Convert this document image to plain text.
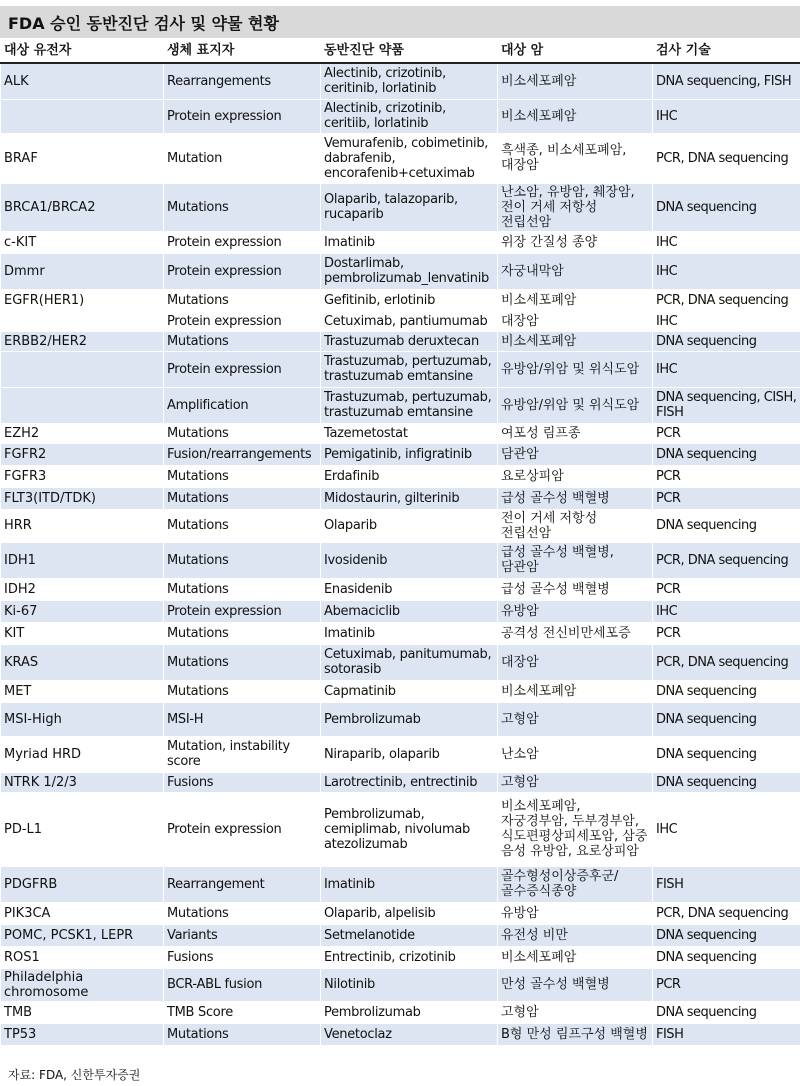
FDA 승인 동반진단 검사 및 약물 현황
대상 유전자	생체 표지자	동반진단 약품	대상 암	검사 기술
ALK	Rearrangements	Alectinib, crizotinib, ceritinib, lorlatinib	비소세포폐암	DNA sequencing, FISH
	Protein expression	Alectinib, crizotinib, ceritiib, lorlatinib	비소세포폐암	IHC
BRAF	Mutation	Vemurafenib, cobimetinib, dabrafenib, encorafenib+cetuximab	흑색종, 비소세포폐암, 대장암	PCR, DNA sequencing
BRCA1/BRCA2	Mutations	Olaparib, talazoparib, rucaparib	난소암, 유방암, 췌장암, 전이 거세 저항성 전립선암	DNA sequencing
c-KIT	Protein expression	Imatinib	위장 간질성 종양	IHC
Dmmr	Protein expression	Dostarlimab, pembrolizumab_lenvatinib	자궁내막암	IHC
EGFR(HER1)	Mutations	Gefitinib, erlotinib	비소세포폐암	PCR, DNA sequencing
	Protein expression	Cetuximab, pantiumumab	대장암	IHC
ERBB2/HER2	Mutations	Trastuzumab deruxtecan	비소세포폐암	DNA sequencing
	Protein expression	Trastuzumab, pertuzumab, trastuzumab emtansine	유방암/위암 및 위식도암	IHC
	Amplification	Trastuzumab, pertuzumab, trastuzumab emtansine	유방암/위암 및 위식도암	DNA sequencing, CISH, FISH
EZH2	Mutations	Tazemetostat	여포성 림프종	PCR
FGFR2	Fusion/rearrangements	Pemigatinib, infigratinib	담관암	DNA sequencing
FGFR3	Mutations	Erdafinib	요로상피암	PCR
FLT3(ITD/TDK)	Mutations	Midostaurin, gilterinib	급성 골수성 백혈병	PCR
HRR	Mutations	Olaparib	전이 거세 저항성 전립선암	DNA sequencing
IDH1	Mutations	Ivosidenib	급성 골수성 백혈병, 담관암	PCR, DNA sequencing
IDH2	Mutations	Enasidenib	급성 골수성 백혈병	PCR
Ki-67	Protein expression	Abemaciclib	유방암	IHC
KIT	Mutations	Imatinib	공격성 전신비만세포증	PCR
KRAS	Mutations	Cetuximab, panitumumab, sotorasib	대장암	PCR, DNA sequencing
MET	Mutations	Capmatinib	비소세포폐암	DNA sequencing
MSI-High	MSI-H	Pembrolizumab	고형암	DNA sequencing
Myriad HRD	Mutation, instability score	Niraparib, olaparib	난소암	DNA sequencing
NTRK 1/2/3	Fusions	Larotrectinib, entrectinib	고형암	DNA sequencing
PD-L1	Protein expression	Pembrolizumab, cemiplimab, nivolumab atezolizumab	비소세포폐암, 자궁경부암, 두부경부암, 식도편평상피세포암, 삼중 음성 유방암, 요로상피암	IHC
PDGFRB	Rearrangement	Imatinib	골수형성이상증후군/골수증식종양	FISH
PIK3CA	Mutations	Olaparib, alpelisib	유방암	PCR, DNA sequencing
POMC, PCSK1, LEPR	Variants	Setmelanotide	유전성 비만	DNA sequencing
ROS1	Fusions	Entrectinib, crizotinib	비소세포폐암	DNA sequencing
Philadelphia chromosome	BCR-ABL fusion	Nilotinib	만성 골수성 백혈병	PCR
TMB	TMB Score	Pembrolizumab	고형암	DNA sequencing
TP53	Mutations	Venetoclaz	B형 만성 림프구성 백혈병	FISH
자료: FDA, 신한투자증권
